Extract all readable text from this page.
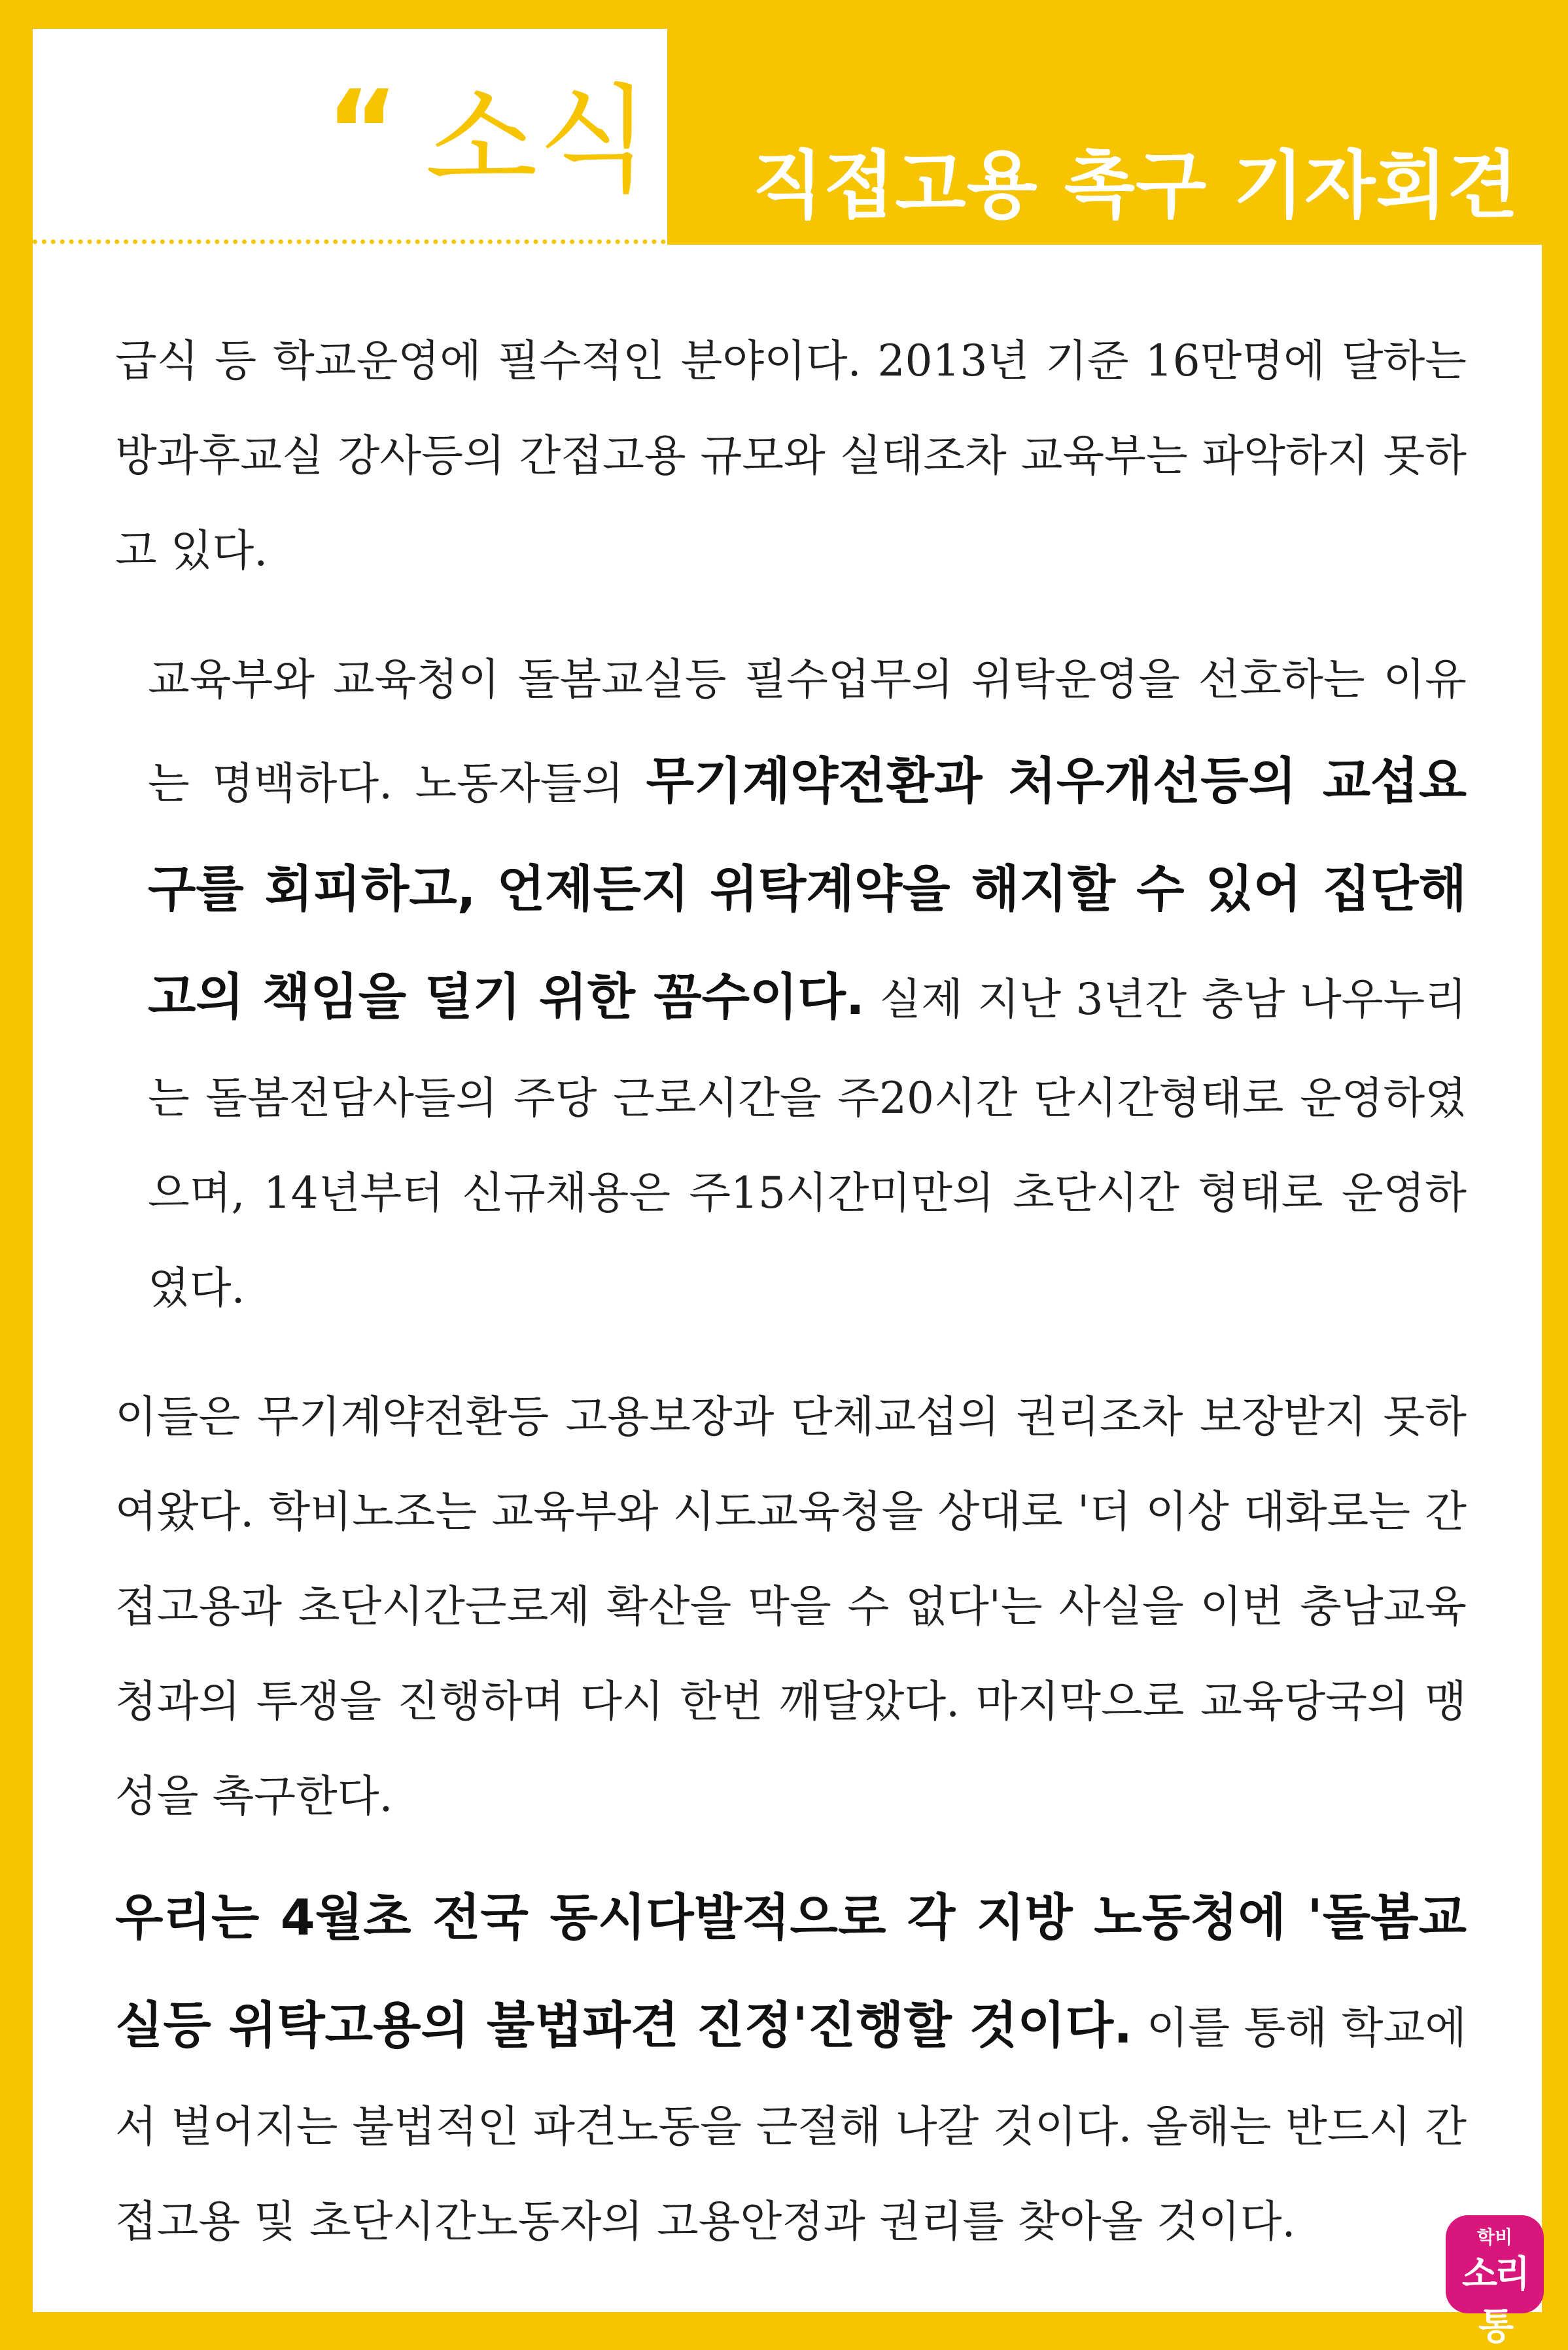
“ 소식 직접고용 촉구 기자회견

급식 등 학교운영에 필수적인 분야이다. 2013년 기준 16만명에 달하는 방과후교실 강사등의 간접고용 규모와 실태조차 교육부는 파악하지 못하고 있다.

교육부와 교육청이 돌봄교실등 필수업무의 위탁운영을 선호하는 이유는 명백하다. 노동자들의 무기계약전환과 처우개선등의 교섭요구를 회피하고, 언제든지 위탁계약을 해지할 수 있어 집단해고의 책임을 덜기 위한 꼼수이다. 실제 지난 3년간 충남 나우누리는 돌봄전담사들의 주당 근로시간을 주20시간 단시간형태로 운영하였으며, 14년부터 신규채용은 주15시간미만의 초단시간 형태로 운영하였다.

이들은 무기계약전환등 고용보장과 단체교섭의 권리조차 보장받지 못하여왔다. 학비노조는 교육부와 시도교육청을 상대로 '더 이상 대화로는 간접고용과 초단시간근로제 확산을 막을 수 없다'는 사실을 이번 충남교육청과의 투쟁을 진행하며 다시 한번 깨달았다. 마지막으로 교육당국의 맹성을 촉구한다.

우리는 4월초 전국 동시다발적으로 각 지방 노동청에 '돌봄교실등 위탁고용의 불법파견 진정'진행할 것이다. 이를 통해 학교에서 벌어지는 불법적인 파견노동을 근절해 나갈 것이다. 올해는 반드시 간접고용 및 초단시간노동자의 고용안정과 권리를 찾아올 것이다.	학비
소리통
